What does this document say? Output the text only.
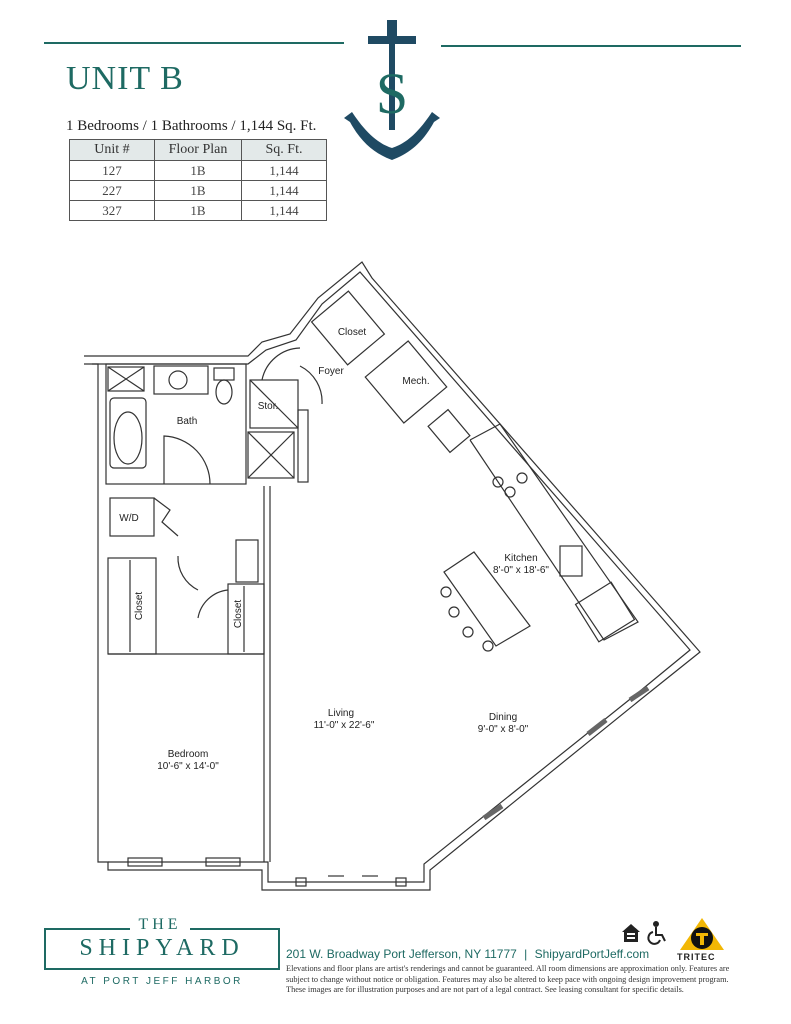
S
UNIT B
1 Bedrooms / 1 Bathrooms / 1,144 Sq. Ft.
Unit #	Floor Plan	Sq. Ft.
127	1B	1,144
227	1B	1,144
327	1B	1,144
Closet
Foyer
Mech.
Stor.
Bath
W/D
Kitchen
8'-0" x 18'-6"
Closet	Closet
Living
11'-0" x 22'-6"
Dining
9'-0" x 8'-0"
Bedroom
10'-6" x 14'-0"
THE
SHIPYARD
AT PORT JEFF HARBOR
201 W. Broadway Port Jefferson, NY 11777 | ShipyardPortJeff.com
Elevations and floor plans are artist's renderings and cannot be guaranteed. All room dimensions are approximation only. Features are subject to change without notice or obligation. Features may also be altered to keep pace with ongoing design improvement program. These images are for illustration purposes and are not part of a legal contract. See leasing consultant for specific details.
TRITEC
